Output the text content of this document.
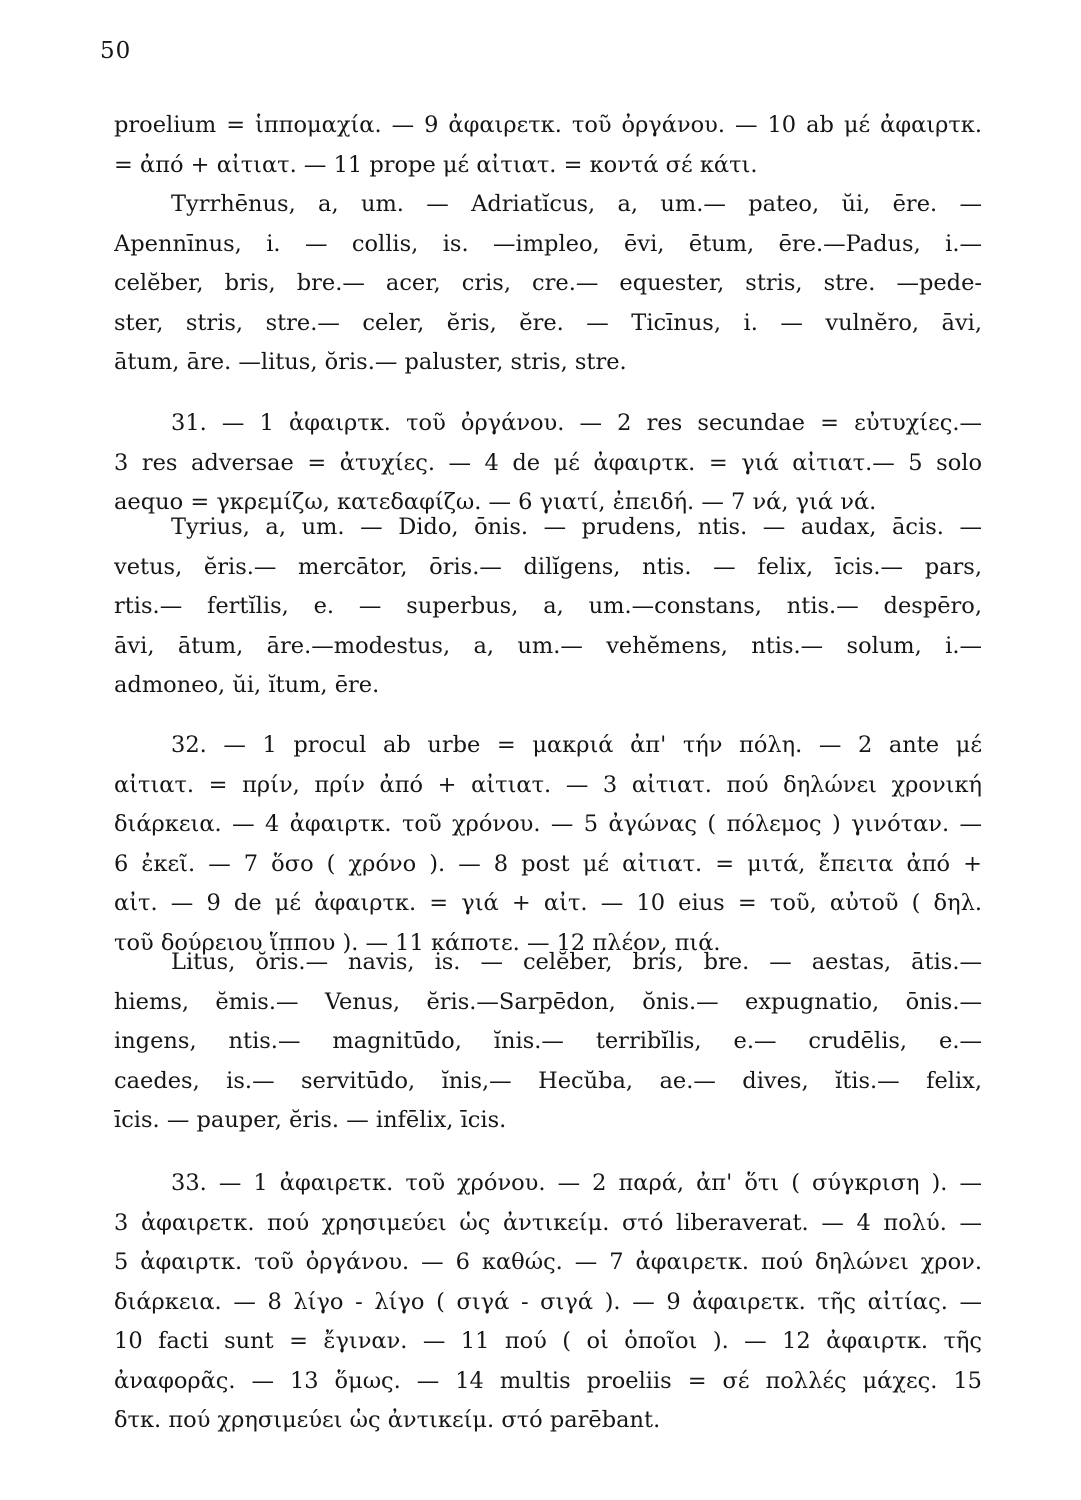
50
proelium = ἱππομαχία. — 9 ἀφαιρετκ. τοῦ ὀργάνου. — 10 ab μέ ἀφαιρτκ.
= ἀπό + αἰτιατ. — 11 prope μέ αἰτιατ. = κοντά σέ κάτι.
Tyrrhēnus, a, um. — Adriatĭcus, a, um.— pateo, ŭi, ēre. —
Apennīnus, i. — collis, is. —impleo, ēvi, ētum, ēre.—Padus, i.—
celĕber, bris, bre.— acer, cris, cre.— equester, stris, stre. —pede-
ster, stris, stre.— celer, ĕris, ĕre. — Ticīnus, i. — vulnĕro, āvi,
ātum, āre. —litus, ŏris.— paluster, stris, stre.
31. — 1 ἀφαιρτκ. τοῦ ὀργάνου. — 2 res secundae = εὐτυχίες.—
3 res adversae = ἀτυχίες. — 4 de μέ ἀφαιρτκ. = γιά αἰτιατ.— 5 solo
aequo = γκρεμίζω, κατεδαφίζω. — 6 γιατί, ἐπειδή. — 7 νά, γιά νά.
Tyrius, a, um. — Dido, ōnis. — prudens, ntis. — audax, ācis. —
vetus, ĕris.— mercātor, ōris.— dilĭgens, ntis. — felix, īcis.— pars,
rtis.— fertĭlis, e. — superbus, a, um.—constans, ntis.— despēro,
āvi, ātum, āre.—modestus, a, um.— vehĕmens, ntis.— solum, i.—
admoneo, ŭi, ĭtum, ēre.
32. — 1 procul ab urbe = μακριά ἀπ' τήν πόλη. — 2 ante μέ
αἰτιατ. = πρίν, πρίν ἀπό + αἰτιατ. — 3 αἰτιατ. πού δηλώνει χρονική
διάρκεια. — 4 ἀφαιρτκ. τοῦ χρόνου. — 5 ἀγώνας ( πόλεμος ) γινόταν. —
6 ἐκεῖ. — 7 ὅσο ( χρόνο ). — 8 post μέ αἰτιατ. = μιτά, ἔπειτα ἀπό +
αἰτ. — 9 de μέ ἀφαιρτκ. = γιά + αἰτ. — 10 eius = τοῦ, αὐτοῦ ( δηλ.
τοῦ δούρειου ἵππου ). — 11 κάποτε. — 12 πλέον, πιά.
Litus, ŏris.— navis, is. — celĕber, bris, bre. — aestas, ātis.—
hiems, ĕmis.— Venus, ĕris.—Sarpēdon, ŏnis.— expugnatio, ōnis.—
ingens, ntis.— magnitūdo, ĭnis.— terribĭlis, e.— crudēlis, e.—
caedes, is.— servitūdo, ĭnis,— Hecŭba, ae.— dives, ĭtis.— felix,
īcis. — pauper, ĕris. — infēlix, īcis.
33. — 1 ἀφαιρετκ. τοῦ χρόνου. — 2 παρά, ἀπ' ὅτι ( σύγκριση ). —
3 ἀφαιρετκ. πού χρησιμεύει ὡς ἀντικείμ. στό liberaverat. — 4 πολύ. —
5 ἀφαιρτκ. τοῦ ὀργάνου. — 6 καθώς. — 7 ἀφαιρετκ. πού δηλώνει χρον.
διάρκεια. — 8 λίγο - λίγο ( σιγά - σιγά ). — 9 ἀφαιρετκ. τῆς αἰτίας. —
10 facti sunt = ἔγιναν. — 11 πού ( οἱ ὁποῖοι ). — 12 ἀφαιρτκ. τῆς
ἀναφορᾶς. — 13 ὅμως. — 14 multis proeliis = σέ πολλές μάχες. 15
δτκ. πού χρησιμεύει ὡς ἀντικείμ. στό parēbant.
